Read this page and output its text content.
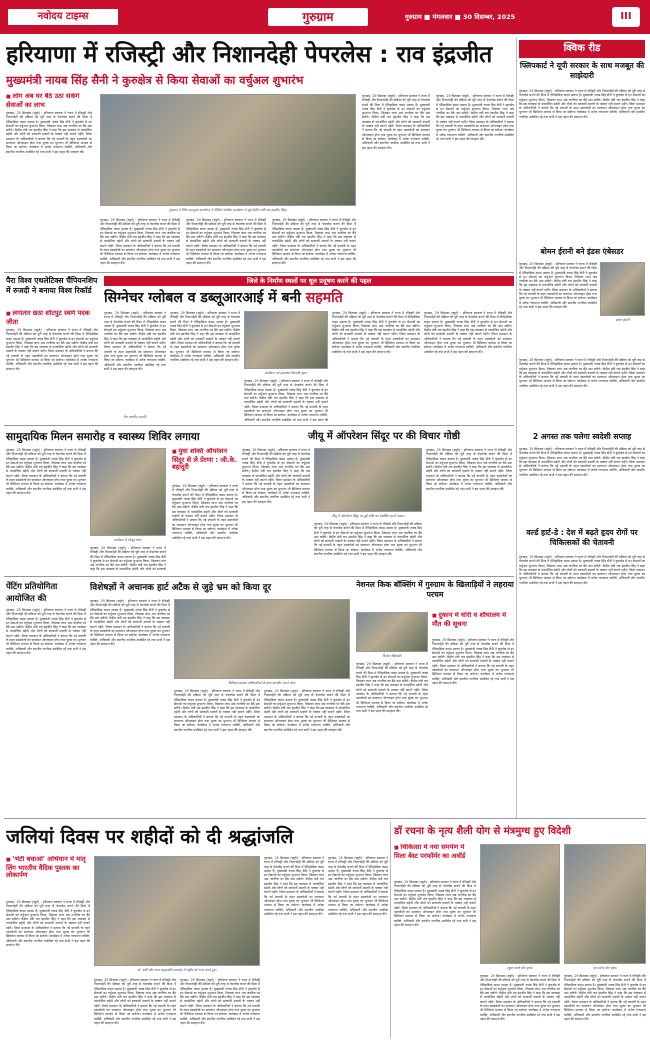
नवोदय टाइम्स	गुरुग्राम	गुरुग्राम ■ मंगलवार ■ 30 दिसम्बर, 2025	III
हरियाणा में रजिस्ट्री और निशानदेही पेपरलेस : राव इंद्रजीत
मुख्यमंत्री नायब सिंह सैनी ने कुरुक्षेत्र से किया सेवाओं का वर्चुअल शुभारंभ
■ लोग अब घर बैठे उठा सकेंगे सेवाओं का लाभ
गुरुग्राम, 29 सितम्बर (ब्यूरो) : हरियाणा सरकार ने राज्य में रजिस्ट्री और निशानदेही की प्रक्रिया को पूरी तरह से पेपरलेस बनाने की दिशा में ऐतिहासिक कदम उठाया है। मुख्यमंत्री नायब सिंह सैनी ने कुरुक्षेत्र से इन सेवाओं का वर्चुअल शुभारंभ किया, जिसका लाभ अब नागरिक घर बैठे उठा सकेंगे। केंद्रीय मंत्री राव इंद्रजीत सिंह ने कहा कि इस व्यवस्था से पारदर्शिता बढ़ेगी और लोगों को सरकारी दफ्तरों के चक्कर नहीं काटने पड़ेंगे। जिला प्रशासन के अधिकारियों ने बताया कि नई प्रणाली के तहत दस्तावेजों का सत्यापन ऑनलाइन होगा तथा शुल्क का भुगतान भी डिजिटल माध्यम से किया जा सकेगा। कार्यक्रम में अनेक गणमान्य व्यक्ति, अधिकारी और स्थानीय नागरिक उपस्थित रहे तथा सभी ने इस पहल की सराहना की।
गुरुग्राम में लिंक उपायुक्त कार्यालय में वीडियो कॉन्फ्रेंस कार्यक्रम में जुड़े केंद्रीय मंत्री राव इंद्रजीत सिंह।
गुरुग्राम, 29 सितम्बर (ब्यूरो) : हरियाणा सरकार ने राज्य में रजिस्ट्री और निशानदेही की प्रक्रिया को पूरी तरह से पेपरलेस बनाने की दिशा में ऐतिहासिक कदम उठाया है। मुख्यमंत्री नायब सिंह सैनी ने कुरुक्षेत्र से इन सेवाओं का वर्चुअल शुभारंभ किया, जिसका लाभ अब नागरिक घर बैठे उठा सकेंगे। केंद्रीय मंत्री राव इंद्रजीत सिंह ने कहा कि इस व्यवस्था से पारदर्शिता बढ़ेगी और लोगों को सरकारी दफ्तरों के चक्कर नहीं काटने पड़ेंगे। जिला प्रशासन के अधिकारियों ने बताया कि नई प्रणाली के तहत दस्तावेजों का सत्यापन ऑनलाइन होगा तथा शुल्क का भुगतान भी डिजिटल माध्यम से किया जा सकेगा। कार्यक्रम में अनेक गणमान्य व्यक्ति, अधिकारी और स्थानीय नागरिक उपस्थित रहे तथा सभी ने इस पहल की सराहना की।
गुरुग्राम, 29 सितम्बर (ब्यूरो) : हरियाणा सरकार ने राज्य में रजिस्ट्री और निशानदेही की प्रक्रिया को पूरी तरह से पेपरलेस बनाने की दिशा में ऐतिहासिक कदम उठाया है। मुख्यमंत्री नायब सिंह सैनी ने कुरुक्षेत्र से इन सेवाओं का वर्चुअल शुभारंभ किया, जिसका लाभ अब नागरिक घर बैठे उठा सकेंगे। केंद्रीय मंत्री राव इंद्रजीत सिंह ने कहा कि इस व्यवस्था से पारदर्शिता बढ़ेगी और लोगों को सरकारी दफ्तरों के चक्कर नहीं काटने पड़ेंगे। जिला प्रशासन के अधिकारियों ने बताया कि नई प्रणाली के तहत दस्तावेजों का सत्यापन ऑनलाइन होगा तथा शुल्क का भुगतान भी डिजिटल माध्यम से किया जा सकेगा। कार्यक्रम में अनेक गणमान्य व्यक्ति, अधिकारी और स्थानीय नागरिक उपस्थित रहे तथा सभी ने इस पहल की सराहना की।
गुरुग्राम, 29 सितम्बर (ब्यूरो) : हरियाणा सरकार ने राज्य में रजिस्ट्री और निशानदेही की प्रक्रिया को पूरी तरह से पेपरलेस बनाने की दिशा में ऐतिहासिक कदम उठाया है। मुख्यमंत्री नायब सिंह सैनी ने कुरुक्षेत्र से इन सेवाओं का वर्चुअल शुभारंभ किया, जिसका लाभ अब नागरिक घर बैठे उठा सकेंगे। केंद्रीय मंत्री राव इंद्रजीत सिंह ने कहा कि इस व्यवस्था से पारदर्शिता बढ़ेगी और लोगों को सरकारी दफ्तरों के चक्कर नहीं काटने पड़ेंगे। जिला प्रशासन के अधिकारियों ने बताया कि नई प्रणाली के तहत दस्तावेजों का सत्यापन ऑनलाइन होगा तथा शुल्क का भुगतान भी डिजिटल माध्यम से किया जा सकेगा। कार्यक्रम में अनेक गणमान्य व्यक्ति, अधिकारी और स्थानीय नागरिक उपस्थित रहे तथा सभी ने इस पहल की सराहना की।
गुरुग्राम, 29 सितम्बर (ब्यूरो) : हरियाणा सरकार ने राज्य में रजिस्ट्री और निशानदेही की प्रक्रिया को पूरी तरह से पेपरलेस बनाने की दिशा में ऐतिहासिक कदम उठाया है। मुख्यमंत्री नायब सिंह सैनी ने कुरुक्षेत्र से इन सेवाओं का वर्चुअल शुभारंभ किया, जिसका लाभ अब नागरिक घर बैठे उठा सकेंगे। केंद्रीय मंत्री राव इंद्रजीत सिंह ने कहा कि इस व्यवस्था से पारदर्शिता बढ़ेगी और लोगों को सरकारी दफ्तरों के चक्कर नहीं काटने पड़ेंगे। जिला प्रशासन के अधिकारियों ने बताया कि नई प्रणाली के तहत दस्तावेजों का सत्यापन ऑनलाइन होगा तथा शुल्क का भुगतान भी डिजिटल माध्यम से किया जा सकेगा। कार्यक्रम में अनेक गणमान्य व्यक्ति, अधिकारी और स्थानीय नागरिक उपस्थित रहे तथा सभी ने इस पहल की सराहना की।
गुरुग्राम, 29 सितम्बर (ब्यूरो) : हरियाणा सरकार ने राज्य में रजिस्ट्री और निशानदेही की प्रक्रिया को पूरी तरह से पेपरलेस बनाने की दिशा में ऐतिहासिक कदम उठाया है। मुख्यमंत्री नायब सिंह सैनी ने कुरुक्षेत्र से इन सेवाओं का वर्चुअल शुभारंभ किया, जिसका लाभ अब नागरिक घर बैठे उठा सकेंगे। केंद्रीय मंत्री राव इंद्रजीत सिंह ने कहा कि इस व्यवस्था से पारदर्शिता बढ़ेगी और लोगों को सरकारी दफ्तरों के चक्कर नहीं काटने पड़ेंगे। जिला प्रशासन के अधिकारियों ने बताया कि नई प्रणाली के तहत दस्तावेजों का सत्यापन ऑनलाइन होगा तथा शुल्क का भुगतान भी डिजिटल माध्यम से किया जा सकेगा। कार्यक्रम में अनेक गणमान्य व्यक्ति, अधिकारी और स्थानीय नागरिक उपस्थित रहे तथा सभी ने इस पहल की सराहना की।
क्विक रीड
फ्लिपकार्ट ने यूपी सरकार के साथ मजबूत की साझेदारी
गुरुग्राम, 29 सितम्बर (ब्यूरो) : हरियाणा सरकार ने राज्य में रजिस्ट्री और निशानदेही की प्रक्रिया को पूरी तरह से पेपरलेस बनाने की दिशा में ऐतिहासिक कदम उठाया है। मुख्यमंत्री नायब सिंह सैनी ने कुरुक्षेत्र से इन सेवाओं का वर्चुअल शुभारंभ किया, जिसका लाभ अब नागरिक घर बैठे उठा सकेंगे। केंद्रीय मंत्री राव इंद्रजीत सिंह ने कहा कि इस व्यवस्था से पारदर्शिता बढ़ेगी और लोगों को सरकारी दफ्तरों के चक्कर नहीं काटने पड़ेंगे। जिला प्रशासन के अधिकारियों ने बताया कि नई प्रणाली के तहत दस्तावेजों का सत्यापन ऑनलाइन होगा तथा शुल्क का भुगतान भी डिजिटल माध्यम से किया जा सकेगा। कार्यक्रम में अनेक गणमान्य व्यक्ति, अधिकारी और स्थानीय नागरिक उपस्थित रहे तथा सभी ने इस पहल की सराहना की।
बोमन ईरानी बने इंडस एंबेसडर
गुरुग्राम, 29 सितम्बर (ब्यूरो) : हरियाणा सरकार ने राज्य में रजिस्ट्री और निशानदेही की प्रक्रिया को पूरी तरह से पेपरलेस बनाने की दिशा में ऐतिहासिक कदम उठाया है। मुख्यमंत्री नायब सिंह सैनी ने कुरुक्षेत्र से इन सेवाओं का वर्चुअल शुभारंभ किया, जिसका लाभ अब नागरिक घर बैठे उठा सकेंगे। केंद्रीय मंत्री राव इंद्रजीत सिंह ने कहा कि इस व्यवस्था से पारदर्शिता बढ़ेगी और लोगों को सरकारी दफ्तरों के चक्कर नहीं काटने पड़ेंगे। जिला प्रशासन के अधिकारियों ने बताया कि नई प्रणाली के तहत दस्तावेजों का सत्यापन ऑनलाइन होगा तथा शुल्क का भुगतान भी डिजिटल माध्यम से किया जा सकेगा। कार्यक्रम में अनेक गणमान्य व्यक्ति, अधिकारी और स्थानीय नागरिक उपस्थित रहे तथा सभी ने इस पहल की सराहना की।
बोमन ईरानी
गुरुग्राम, 29 सितम्बर (ब्यूरो) : हरियाणा सरकार ने राज्य में रजिस्ट्री और निशानदेही की प्रक्रिया को पूरी तरह से पेपरलेस बनाने की दिशा में ऐतिहासिक कदम उठाया है। मुख्यमंत्री नायब सिंह सैनी ने कुरुक्षेत्र से इन सेवाओं का वर्चुअल शुभारंभ किया, जिसका लाभ अब नागरिक घर बैठे उठा सकेंगे। केंद्रीय मंत्री राव इंद्रजीत सिंह ने कहा कि इस व्यवस्था से पारदर्शिता बढ़ेगी और लोगों को सरकारी दफ्तरों के चक्कर नहीं काटने पड़ेंगे। जिला प्रशासन के अधिकारियों ने बताया कि नई प्रणाली के तहत दस्तावेजों का सत्यापन ऑनलाइन होगा तथा शुल्क का भुगतान भी डिजिटल माध्यम से किया जा सकेगा। कार्यक्रम में अनेक गणमान्य व्यक्ति, अधिकारी और स्थानीय नागरिक उपस्थित रहे तथा सभी ने इस पहल की सराहना की।
2 अगस्त तक चलेगा स्वदेशी सप्ताह
गुरुग्राम, 29 सितम्बर (ब्यूरो) : हरियाणा सरकार ने राज्य में रजिस्ट्री और निशानदेही की प्रक्रिया को पूरी तरह से पेपरलेस बनाने की दिशा में ऐतिहासिक कदम उठाया है। मुख्यमंत्री नायब सिंह सैनी ने कुरुक्षेत्र से इन सेवाओं का वर्चुअल शुभारंभ किया, जिसका लाभ अब नागरिक घर बैठे उठा सकेंगे। केंद्रीय मंत्री राव इंद्रजीत सिंह ने कहा कि इस व्यवस्था से पारदर्शिता बढ़ेगी और लोगों को सरकारी दफ्तरों के चक्कर नहीं काटने पड़ेंगे। जिला प्रशासन के अधिकारियों ने बताया कि नई प्रणाली के तहत दस्तावेजों का सत्यापन ऑनलाइन होगा तथा शुल्क का भुगतान भी डिजिटल माध्यम से किया जा सकेगा। कार्यक्रम में अनेक गणमान्य व्यक्ति, अधिकारी और स्थानीय नागरिक उपस्थित रहे तथा सभी ने इस पहल की सराहना की।
वर्ल्ड हार्ट-डे : देश में बढ़ते हृदय रोगों पर चिकित्सकों की चेतावनी
गुरुग्राम, 29 सितम्बर (ब्यूरो) : हरियाणा सरकार ने राज्य में रजिस्ट्री और निशानदेही की प्रक्रिया को पूरी तरह से पेपरलेस बनाने की दिशा में ऐतिहासिक कदम उठाया है। मुख्यमंत्री नायब सिंह सैनी ने कुरुक्षेत्र से इन सेवाओं का वर्चुअल शुभारंभ किया, जिसका लाभ अब नागरिक घर बैठे उठा सकेंगे। केंद्रीय मंत्री राव इंद्रजीत सिंह ने कहा कि इस व्यवस्था से पारदर्शिता बढ़ेगी और लोगों को सरकारी दफ्तरों के चक्कर नहीं काटने पड़ेंगे। जिला प्रशासन के अधिकारियों ने बताया कि नई प्रणाली के तहत दस्तावेजों का सत्यापन ऑनलाइन होगा तथा शुल्क का भुगतान भी डिजिटल माध्यम से किया जा सकेगा। कार्यक्रम में अनेक गणमान्य व्यक्ति, अधिकारी और स्थानीय नागरिक उपस्थित रहे तथा सभी ने इस पहल की सराहना की।
पैरा विश्व एथलेटिक्स चैंपियनशिप में रुजदी ने बनाया विश्व रिकॉर्ड
■ लगातार छठा शॉटपुट स्वर्ण पदक जीता
गुरुग्राम, 29 सितम्बर (ब्यूरो) : हरियाणा सरकार ने राज्य में रजिस्ट्री और निशानदेही की प्रक्रिया को पूरी तरह से पेपरलेस बनाने की दिशा में ऐतिहासिक कदम उठाया है। मुख्यमंत्री नायब सिंह सैनी ने कुरुक्षेत्र से इन सेवाओं का वर्चुअल शुभारंभ किया, जिसका लाभ अब नागरिक घर बैठे उठा सकेंगे। केंद्रीय मंत्री राव इंद्रजीत सिंह ने कहा कि इस व्यवस्था से पारदर्शिता बढ़ेगी और लोगों को सरकारी दफ्तरों के चक्कर नहीं काटने पड़ेंगे। जिला प्रशासन के अधिकारियों ने बताया कि नई प्रणाली के तहत दस्तावेजों का सत्यापन ऑनलाइन होगा तथा शुल्क का भुगतान भी डिजिटल माध्यम से किया जा सकेगा। कार्यक्रम में अनेक गणमान्य व्यक्ति, अधिकारी और स्थानीय नागरिक उपस्थित रहे तथा सभी ने इस पहल की सराहना की।
जिले के निर्माण स्थलों पर धूल प्रदूषण करने की पहल
सिग्नेचर ग्लोबल व डब्लूआरआई में बनी सहमति
गुरुग्राम, 29 सितम्बर (ब्यूरो) : हरियाणा सरकार ने राज्य में रजिस्ट्री और निशानदेही की प्रक्रिया को पूरी तरह से पेपरलेस बनाने की दिशा में ऐतिहासिक कदम उठाया है। मुख्यमंत्री नायब सिंह सैनी ने कुरुक्षेत्र से इन सेवाओं का वर्चुअल शुभारंभ किया, जिसका लाभ अब नागरिक घर बैठे उठा सकेंगे। केंद्रीय मंत्री राव इंद्रजीत सिंह ने कहा कि इस व्यवस्था से पारदर्शिता बढ़ेगी और लोगों को सरकारी दफ्तरों के चक्कर नहीं काटने पड़ेंगे। जिला प्रशासन के अधिकारियों ने बताया कि नई प्रणाली के तहत दस्तावेजों का सत्यापन ऑनलाइन होगा तथा शुल्क का भुगतान भी डिजिटल माध्यम से किया जा सकेगा। कार्यक्रम में अनेक गणमान्य व्यक्ति, अधिकारी और स्थानीय नागरिक उपस्थित रहे तथा सभी ने इस पहल की सराहना की।
गुरुग्राम, 29 सितम्बर (ब्यूरो) : हरियाणा सरकार ने राज्य में रजिस्ट्री और निशानदेही की प्रक्रिया को पूरी तरह से पेपरलेस बनाने की दिशा में ऐतिहासिक कदम उठाया है। मुख्यमंत्री नायब सिंह सैनी ने कुरुक्षेत्र से इन सेवाओं का वर्चुअल शुभारंभ किया, जिसका लाभ अब नागरिक घर बैठे उठा सकेंगे। केंद्रीय मंत्री राव इंद्रजीत सिंह ने कहा कि इस व्यवस्था से पारदर्शिता बढ़ेगी और लोगों को सरकारी दफ्तरों के चक्कर नहीं काटने पड़ेंगे। जिला प्रशासन के अधिकारियों ने बताया कि नई प्रणाली के तहत दस्तावेजों का सत्यापन ऑनलाइन होगा तथा शुल्क का भुगतान भी डिजिटल माध्यम से किया जा सकेगा। कार्यक्रम में अनेक गणमान्य व्यक्ति, अधिकारी और स्थानीय नागरिक उपस्थित रहे तथा सभी ने इस पहल की सराहना की।
कार्यक्रम एवं हस्ताक्षर विवरणी दृश्य।
गुरुग्राम, 29 सितम्बर (ब्यूरो) : हरियाणा सरकार ने राज्य में रजिस्ट्री और निशानदेही की प्रक्रिया को पूरी तरह से पेपरलेस बनाने की दिशा में ऐतिहासिक कदम उठाया है। मुख्यमंत्री नायब सिंह सैनी ने कुरुक्षेत्र से इन सेवाओं का वर्चुअल शुभारंभ किया, जिसका लाभ अब नागरिक घर बैठे उठा सकेंगे। केंद्रीय मंत्री राव इंद्रजीत सिंह ने कहा कि इस व्यवस्था से पारदर्शिता बढ़ेगी और लोगों को सरकारी दफ्तरों के चक्कर नहीं काटने पड़ेंगे। जिला प्रशासन के अधिकारियों ने बताया कि नई प्रणाली के तहत दस्तावेजों का सत्यापन ऑनलाइन होगा तथा शुल्क का भुगतान भी डिजिटल माध्यम से किया जा सकेगा। कार्यक्रम में अनेक गणमान्य व्यक्ति, अधिकारी और स्थानीय नागरिक उपस्थित रहे तथा सभी ने इस पहल की
गुरुग्राम, 29 सितम्बर (ब्यूरो) : हरियाणा सरकार ने राज्य में रजिस्ट्री और निशानदेही की प्रक्रिया को पूरी तरह से पेपरलेस बनाने की दिशा में ऐतिहासिक कदम उठाया है। मुख्यमंत्री नायब सिंह सैनी ने कुरुक्षेत्र से इन सेवाओं का वर्चुअल शुभारंभ किया, जिसका लाभ अब नागरिक घर बैठे उठा सकेंगे। केंद्रीय मंत्री राव इंद्रजीत सिंह ने कहा कि इस व्यवस्था से पारदर्शिता बढ़ेगी और लोगों को सरकारी दफ्तरों के चक्कर नहीं काटने पड़ेंगे। जिला प्रशासन के अधिकारियों ने बताया कि नई प्रणाली के तहत दस्तावेजों का सत्यापन ऑनलाइन होगा तथा शुल्क का भुगतान भी डिजिटल माध्यम से किया जा सकेगा। कार्यक्रम में अनेक गणमान्य व्यक्ति, अधिकारी और स्थानीय नागरिक उपस्थित रहे तथा सभी ने इस पहल की सराहना की।
गुरुग्राम, 29 सितम्बर (ब्यूरो) : हरियाणा सरकार ने राज्य में रजिस्ट्री और निशानदेही की प्रक्रिया को पूरी तरह से पेपरलेस बनाने की दिशा में ऐतिहासिक कदम उठाया है। मुख्यमंत्री नायब सिंह सैनी ने कुरुक्षेत्र से इन सेवाओं का वर्चुअल शुभारंभ किया, जिसका लाभ अब नागरिक घर बैठे उठा सकेंगे। केंद्रीय मंत्री राव इंद्रजीत सिंह ने कहा कि इस व्यवस्था से पारदर्शिता बढ़ेगी और लोगों को सरकारी दफ्तरों के चक्कर नहीं काटने पड़ेंगे। जिला प्रशासन के अधिकारियों ने बताया कि नई प्रणाली के तहत दस्तावेजों का सत्यापन ऑनलाइन होगा तथा शुल्क का भुगतान भी डिजिटल माध्यम से किया जा सकेगा। कार्यक्रम में अनेक गणमान्य व्यक्ति, अधिकारी और स्थानीय नागरिक उपस्थित रहे तथा सभी ने इस पहल की सराहना की।
पैरा एथलीट रुजदी।
सामुदायिक मिलन समारोह व स्वास्थ्य शिविर लगाया
गुरुग्राम, 29 सितम्बर (ब्यूरो) : हरियाणा सरकार ने राज्य में रजिस्ट्री और निशानदेही की प्रक्रिया को पूरी तरह से पेपरलेस बनाने की दिशा में ऐतिहासिक कदम उठाया है। मुख्यमंत्री नायब सिंह सैनी ने कुरुक्षेत्र से इन सेवाओं का वर्चुअल शुभारंभ किया, जिसका लाभ अब नागरिक घर बैठे उठा सकेंगे। केंद्रीय मंत्री राव इंद्रजीत सिंह ने कहा कि इस व्यवस्था से पारदर्शिता बढ़ेगी और लोगों को सरकारी दफ्तरों के चक्कर नहीं काटने पड़ेंगे। जिला प्रशासन के अधिकारियों ने बताया कि नई प्रणाली के तहत दस्तावेजों का सत्यापन ऑनलाइन होगा तथा शुल्क का भुगतान भी डिजिटल माध्यम से किया जा सकेगा। कार्यक्रम में अनेक गणमान्य व्यक्ति, अधिकारी और स्थानीय नागरिक उपस्थित रहे तथा सभी ने इस पहल की सराहना की।
कार्यक्रम में मौजूद लोग।
गुरुग्राम, 29 सितम्बर (ब्यूरो) : हरियाणा सरकार ने राज्य में रजिस्ट्री और निशानदेही की प्रक्रिया को पूरी तरह से पेपरलेस बनाने की दिशा में ऐतिहासिक कदम उठाया है। मुख्यमंत्री नायब सिंह सैनी ने कुरुक्षेत्र से इन सेवाओं का वर्चुअल शुभारंभ किया, जिसका लाभ अब नागरिक घर बैठे उठा सकेंगे। केंद्रीय मंत्री राव इंद्रजीत सिंह ने कहा कि इस व्यवस्था से पारदर्शिता बढ़ेगी और लोगों को सरकारी
जीयू में ऑपरेशन सिंदूर पर की विचार गोष्ठी
■ युवा शक्ति ऑपरेशन सिंदूर से ले प्रेरणा : जी.के. बहादुरी
गुरुग्राम, 29 सितम्बर (ब्यूरो) : हरियाणा सरकार ने राज्य में रजिस्ट्री और निशानदेही की प्रक्रिया को पूरी तरह से पेपरलेस बनाने की दिशा में ऐतिहासिक कदम उठाया है। मुख्यमंत्री नायब सिंह सैनी ने कुरुक्षेत्र से इन सेवाओं का वर्चुअल शुभारंभ किया, जिसका लाभ अब नागरिक घर बैठे उठा सकेंगे। केंद्रीय मंत्री राव इंद्रजीत सिंह ने कहा कि इस व्यवस्था से पारदर्शिता बढ़ेगी और लोगों को सरकारी दफ्तरों के चक्कर नहीं काटने पड़ेंगे। जिला प्रशासन के अधिकारियों ने बताया कि नई प्रणाली के तहत दस्तावेजों का सत्यापन ऑनलाइन होगा तथा शुल्क का भुगतान भी डिजिटल माध्यम से किया जा सकेगा। कार्यक्रम में अनेक गणमान्य व्यक्ति, अधिकारी और स्थानीय नागरिक उपस्थित रहे तथा सभी ने इस पहल की सराहना की।
गुरुग्राम, 29 सितम्बर (ब्यूरो) : हरियाणा सरकार ने राज्य में रजिस्ट्री और निशानदेही की प्रक्रिया को पूरी तरह से पेपरलेस बनाने की दिशा में ऐतिहासिक कदम उठाया है। मुख्यमंत्री नायब सिंह सैनी ने कुरुक्षेत्र से इन सेवाओं का वर्चुअल शुभारंभ किया, जिसका लाभ अब नागरिक घर बैठे उठा सकेंगे। केंद्रीय मंत्री राव इंद्रजीत सिंह ने कहा कि इस व्यवस्था से पारदर्शिता बढ़ेगी और लोगों को सरकारी दफ्तरों के चक्कर नहीं काटने पड़ेंगे। जिला प्रशासन के अधिकारियों ने बताया कि नई प्रणाली के तहत दस्तावेजों का सत्यापन ऑनलाइन होगा तथा शुल्क का भुगतान भी डिजिटल माध्यम से किया जा सकेगा। कार्यक्रम में अनेक गणमान्य व्यक्ति, अधिकारी और स्थानीय नागरिक उपस्थित रहे तथा सभी ने इस पहल की सराहना की।
जीयू में ऑपरेशन सिंदूर पर हुई गोष्ठी को संबोधित करते वक्ता।
गुरुग्राम, 29 सितम्बर (ब्यूरो) : हरियाणा सरकार ने राज्य में रजिस्ट्री और निशानदेही की प्रक्रिया को पूरी तरह से पेपरलेस बनाने की दिशा में ऐतिहासिक कदम उठाया है। मुख्यमंत्री नायब सिंह सैनी ने कुरुक्षेत्र से इन सेवाओं का वर्चुअल शुभारंभ किया, जिसका लाभ अब नागरिक घर बैठे उठा सकेंगे। केंद्रीय मंत्री राव इंद्रजीत सिंह ने कहा कि इस व्यवस्था से पारदर्शिता बढ़ेगी और लोगों को सरकारी दफ्तरों के चक्कर नहीं काटने पड़ेंगे। जिला प्रशासन के अधिकारियों ने बताया कि नई प्रणाली के तहत दस्तावेजों का सत्यापन ऑनलाइन होगा तथा शुल्क का भुगतान भी डिजिटल माध्यम से किया जा सकेगा। कार्यक्रम में अनेक गणमान्य व्यक्ति, अधिकारी और स्थानीय नागरिक उपस्थित रहे तथा सभी ने इस पहल की सराहना की।
गुरुग्राम, 29 सितम्बर (ब्यूरो) : हरियाणा सरकार ने राज्य में रजिस्ट्री और निशानदेही की प्रक्रिया को पूरी तरह से पेपरलेस बनाने की दिशा में ऐतिहासिक कदम उठाया है। मुख्यमंत्री नायब सिंह सैनी ने कुरुक्षेत्र से इन सेवाओं का वर्चुअल शुभारंभ किया, जिसका लाभ अब नागरिक घर बैठे उठा सकेंगे। केंद्रीय मंत्री राव इंद्रजीत सिंह ने कहा कि इस व्यवस्था से पारदर्शिता बढ़ेगी और लोगों को सरकारी दफ्तरों के चक्कर नहीं काटने पड़ेंगे। जिला प्रशासन के अधिकारियों ने बताया कि नई प्रणाली के तहत दस्तावेजों का सत्यापन ऑनलाइन होगा तथा शुल्क का भुगतान भी डिजिटल माध्यम से किया जा सकेगा। कार्यक्रम में अनेक गणमान्य व्यक्ति, अधिकारी और स्थानीय नागरिक उपस्थित रहे तथा सभी ने इस पहल की सराहना की।
पेंटिंग प्रतियोगिता आयोजित की
गुरुग्राम, 29 सितम्बर (ब्यूरो) : हरियाणा सरकार ने राज्य में रजिस्ट्री और निशानदेही की प्रक्रिया को पूरी तरह से पेपरलेस बनाने की दिशा में ऐतिहासिक कदम उठाया है। मुख्यमंत्री नायब सिंह सैनी ने कुरुक्षेत्र से इन सेवाओं का वर्चुअल शुभारंभ किया, जिसका लाभ अब नागरिक घर बैठे उठा सकेंगे। केंद्रीय मंत्री राव इंद्रजीत सिंह ने कहा कि इस व्यवस्था से पारदर्शिता बढ़ेगी और लोगों को सरकारी दफ्तरों के चक्कर नहीं काटने पड़ेंगे। जिला प्रशासन के अधिकारियों ने बताया कि नई प्रणाली के तहत दस्तावेजों का सत्यापन ऑनलाइन होगा तथा शुल्क का भुगतान भी डिजिटल माध्यम से किया जा सकेगा। कार्यक्रम में अनेक गणमान्य व्यक्ति, अधिकारी और स्थानीय नागरिक उपस्थित रहे तथा सभी ने इस पहल की सराहना की।
विशेषज्ञों ने अचानक हार्ट अटैक से जुड़े भ्रम को किया दूर
गुरुग्राम, 29 सितम्बर (ब्यूरो) : हरियाणा सरकार ने राज्य में रजिस्ट्री और निशानदेही की प्रक्रिया को पूरी तरह से पेपरलेस बनाने की दिशा में ऐतिहासिक कदम उठाया है। मुख्यमंत्री नायब सिंह सैनी ने कुरुक्षेत्र से इन सेवाओं का वर्चुअल शुभारंभ किया, जिसका लाभ अब नागरिक घर बैठे उठा सकेंगे। केंद्रीय मंत्री राव इंद्रजीत सिंह ने कहा कि इस व्यवस्था से पारदर्शिता बढ़ेगी और लोगों को सरकारी दफ्तरों के चक्कर नहीं काटने पड़ेंगे। जिला प्रशासन के अधिकारियों ने बताया कि नई प्रणाली के तहत दस्तावेजों का सत्यापन ऑनलाइन होगा तथा शुल्क का भुगतान भी डिजिटल माध्यम से किया जा सकेगा। कार्यक्रम में अनेक गणमान्य व्यक्ति, अधिकारी और स्थानीय नागरिक उपस्थित रहे तथा सभी ने इस पहल की सराहना की।
विशेषज्ञ स्वास्थ्य अधिकारियों के साथ बातचीत करते लोग।
गुरुग्राम, 29 सितम्बर (ब्यूरो) : हरियाणा सरकार ने राज्य में रजिस्ट्री और निशानदेही की प्रक्रिया को पूरी तरह से पेपरलेस बनाने की दिशा में ऐतिहासिक कदम उठाया है। मुख्यमंत्री नायब सिंह सैनी ने कुरुक्षेत्र से इन सेवाओं का वर्चुअल शुभारंभ किया, जिसका लाभ अब नागरिक घर बैठे उठा सकेंगे। केंद्रीय मंत्री राव इंद्रजीत सिंह ने कहा कि इस व्यवस्था से पारदर्शिता बढ़ेगी और लोगों को सरकारी दफ्तरों के चक्कर नहीं काटने पड़ेंगे। जिला प्रशासन के अधिकारियों ने बताया कि नई प्रणाली के तहत दस्तावेजों का सत्यापन ऑनलाइन होगा तथा शुल्क का भुगतान भी डिजिटल माध्यम से किया जा सकेगा। कार्यक्रम में अनेक गणमान्य व्यक्ति, अधिकारी और स्थानीय नागरिक उपस्थित रहे तथा सभी ने इस पहल की सराहना की।
गुरुग्राम, 29 सितम्बर (ब्यूरो) : हरियाणा सरकार ने राज्य में रजिस्ट्री और निशानदेही की प्रक्रिया को पूरी तरह से पेपरलेस बनाने की दिशा में ऐतिहासिक कदम उठाया है। मुख्यमंत्री नायब सिंह सैनी ने कुरुक्षेत्र से इन सेवाओं का वर्चुअल शुभारंभ किया, जिसका लाभ अब नागरिक घर बैठे उठा सकेंगे। केंद्रीय मंत्री राव इंद्रजीत सिंह ने कहा कि इस व्यवस्था से पारदर्शिता बढ़ेगी और लोगों को सरकारी दफ्तरों के चक्कर नहीं काटने पड़ेंगे। जिला प्रशासन के अधिकारियों ने बताया कि नई प्रणाली के तहत दस्तावेजों का सत्यापन ऑनलाइन होगा तथा शुल्क का भुगतान भी डिजिटल माध्यम से किया जा सकेगा। कार्यक्रम में अनेक गणमान्य व्यक्ति, अधिकारी और स्थानीय नागरिक उपस्थित रहे तथा सभी ने इस पहल की सराहना की।
नेशनल किक बॉक्सिंग में गुरुग्राम के खिलाड़ियों ने लहराया परचम
विजेता खिलाड़ी।
■ दुकान में चोरी व शौचालय में मौत की सूचना
गुरुग्राम, 29 सितम्बर (ब्यूरो) : हरियाणा सरकार ने राज्य में रजिस्ट्री और निशानदेही की प्रक्रिया को पूरी तरह से पेपरलेस बनाने की दिशा में ऐतिहासिक कदम उठाया है। मुख्यमंत्री नायब सिंह सैनी ने कुरुक्षेत्र से इन सेवाओं का वर्चुअल शुभारंभ किया, जिसका लाभ अब नागरिक घर बैठे उठा सकेंगे। केंद्रीय मंत्री राव इंद्रजीत सिंह ने कहा कि इस व्यवस्था से पारदर्शिता बढ़ेगी और लोगों को सरकारी दफ्तरों के चक्कर नहीं काटने पड़ेंगे। जिला प्रशासन के अधिकारियों ने बताया कि नई प्रणाली के तहत दस्तावेजों का सत्यापन ऑनलाइन होगा तथा शुल्क का भुगतान भी डिजिटल माध्यम से किया जा सकेगा। कार्यक्रम में अनेक गणमान्य व्यक्ति, अधिकारी और स्थानीय नागरिक उपस्थित रहे तथा सभी ने इस पहल की सराहना की।
गुरुग्राम, 29 सितम्बर (ब्यूरो) : हरियाणा सरकार ने राज्य में रजिस्ट्री और निशानदेही की प्रक्रिया को पूरी तरह से पेपरलेस बनाने की दिशा में ऐतिहासिक कदम उठाया है। मुख्यमंत्री नायब सिंह सैनी ने कुरुक्षेत्र से इन सेवाओं का वर्चुअल शुभारंभ किया, जिसका लाभ अब नागरिक घर बैठे उठा सकेंगे। केंद्रीय मंत्री राव इंद्रजीत सिंह ने कहा कि इस व्यवस्था से पारदर्शिता बढ़ेगी और लोगों को सरकारी दफ्तरों के चक्कर नहीं काटने पड़ेंगे। जिला प्रशासन के अधिकारियों ने बताया कि नई प्रणाली के तहत दस्तावेजों का सत्यापन ऑनलाइन होगा तथा शुल्क का भुगतान भी डिजिटल माध्यम से किया जा सकेगा। कार्यक्रम में अनेक गणमान्य व्यक्ति, अधिकारी और स्थानीय नागरिक उपस्थित रहे तथा सभी ने इस पहल की सराहना की।
जलियां दिवस पर शहीदों को दी श्रद्धांजलि
■ 'भेटी बचाओ' अभियान में मातृ लिंग भारतीय वैदिक पुस्तक का लोकार्पण
गुरुग्राम, 29 सितम्बर (ब्यूरो) : हरियाणा सरकार ने राज्य में रजिस्ट्री और निशानदेही की प्रक्रिया को पूरी तरह से पेपरलेस बनाने की दिशा में ऐतिहासिक कदम उठाया है। मुख्यमंत्री नायब सिंह सैनी ने कुरुक्षेत्र से इन सेवाओं का वर्चुअल शुभारंभ किया, जिसका लाभ अब नागरिक घर बैठे उठा सकेंगे। केंद्रीय मंत्री राव इंद्रजीत सिंह ने कहा कि इस व्यवस्था से पारदर्शिता बढ़ेगी और लोगों को सरकारी दफ्तरों के चक्कर नहीं काटने पड़ेंगे। जिला प्रशासन के अधिकारियों ने बताया कि नई प्रणाली के तहत दस्तावेजों का सत्यापन ऑनलाइन होगा तथा शुल्क का भुगतान भी डिजिटल माध्यम से किया जा सकेगा। कार्यक्रम में अनेक गणमान्य व्यक्ति, अधिकारी और स्थानीय नागरिक उपस्थित रहे तथा सभी ने इस पहल की सराहना की।
डॉ. अंधी और अन्य श्रद्धांजलि समारोह में शहीद को नमन करते हुए।
गुरुग्राम, 29 सितम्बर (ब्यूरो) : हरियाणा सरकार ने राज्य में रजिस्ट्री और निशानदेही की प्रक्रिया को पूरी तरह से पेपरलेस बनाने की दिशा में ऐतिहासिक कदम उठाया है। मुख्यमंत्री नायब सिंह सैनी ने कुरुक्षेत्र से इन सेवाओं का वर्चुअल शुभारंभ किया, जिसका लाभ अब नागरिक घर बैठे उठा सकेंगे। केंद्रीय मंत्री राव इंद्रजीत सिंह ने कहा कि इस व्यवस्था से पारदर्शिता बढ़ेगी और लोगों को सरकारी दफ्तरों के चक्कर नहीं काटने पड़ेंगे। जिला प्रशासन के अधिकारियों ने बताया कि नई प्रणाली के तहत दस्तावेजों का सत्यापन ऑनलाइन होगा तथा शुल्क का भुगतान भी डिजिटल माध्यम से किया जा सकेगा। कार्यक्रम में अनेक गणमान्य व्यक्ति, अधिकारी और स्थानीय नागरिक उपस्थित रहे तथा सभी ने इस पहल की सराहना की।
गुरुग्राम, 29 सितम्बर (ब्यूरो) : हरियाणा सरकार ने राज्य में रजिस्ट्री और निशानदेही की प्रक्रिया को पूरी तरह से पेपरलेस बनाने की दिशा में ऐतिहासिक कदम उठाया है। मुख्यमंत्री नायब सिंह सैनी ने कुरुक्षेत्र से इन सेवाओं का वर्चुअल शुभारंभ किया, जिसका लाभ अब नागरिक घर बैठे उठा सकेंगे। केंद्रीय मंत्री राव इंद्रजीत सिंह ने कहा कि इस व्यवस्था से पारदर्शिता बढ़ेगी और लोगों को सरकारी दफ्तरों के चक्कर नहीं काटने पड़ेंगे। जिला प्रशासन के अधिकारियों ने बताया कि नई प्रणाली के तहत दस्तावेजों का सत्यापन ऑनलाइन होगा तथा शुल्क का भुगतान भी डिजिटल माध्यम से किया जा सकेगा। कार्यक्रम में अनेक गणमान्य व्यक्ति, अधिकारी और स्थानीय नागरिक उपस्थित रहे तथा सभी ने इस पहल की सराहना की।
गुरुग्राम, 29 सितम्बर (ब्यूरो) : हरियाणा सरकार ने राज्य में रजिस्ट्री और निशानदेही की प्रक्रिया को पूरी तरह से पेपरलेस बनाने की दिशा में ऐतिहासिक कदम उठाया है। मुख्यमंत्री नायब सिंह सैनी ने कुरुक्षेत्र से इन सेवाओं का वर्चुअल शुभारंभ किया, जिसका लाभ अब नागरिक घर बैठे उठा सकेंगे। केंद्रीय मंत्री राव इंद्रजीत सिंह ने कहा कि इस व्यवस्था से पारदर्शिता बढ़ेगी और लोगों को सरकारी दफ्तरों के चक्कर नहीं काटने पड़ेंगे। जिला प्रशासन के अधिकारियों ने बताया कि नई प्रणाली के तहत दस्तावेजों का सत्यापन ऑनलाइन होगा तथा शुल्क का भुगतान भी डिजिटल माध्यम से किया जा सकेगा। कार्यक्रम में अनेक गणमान्य व्यक्ति, अधिकारी और स्थानीय नागरिक उपस्थित रहे तथा सभी ने इस पहल की सराहना की।
गुरुग्राम, 29 सितम्बर (ब्यूरो) : हरियाणा सरकार ने राज्य में रजिस्ट्री और निशानदेही की प्रक्रिया को पूरी तरह से पेपरलेस बनाने की दिशा में ऐतिहासिक कदम उठाया है। मुख्यमंत्री नायब सिंह सैनी ने कुरुक्षेत्र से इन सेवाओं का वर्चुअल शुभारंभ किया, जिसका लाभ अब नागरिक घर बैठे उठा सकेंगे। केंद्रीय मंत्री राव इंद्रजीत सिंह ने कहा कि इस व्यवस्था से पारदर्शिता बढ़ेगी और लोगों को सरकारी दफ्तरों के चक्कर नहीं काटने पड़ेंगे। जिला प्रशासन के अधिकारियों ने बताया कि नई प्रणाली के तहत दस्तावेजों का सत्यापन ऑनलाइन होगा तथा शुल्क का भुगतान भी डिजिटल माध्यम से किया जा सकेगा। कार्यक्रम में अनेक गणमान्य व्यक्ति, अधिकारी और स्थानीय नागरिक उपस्थित रहे तथा सभी ने इस पहल की सराहना की।
डॉ रचना के नृत्य शैली योग से मंत्रमुग्ध हुए विदेशी
■ चिकित्सा में नया समर्पण में मिला बेस्ट परफॉर्मर का अवॉर्ड
गुरुग्राम, 29 सितम्बर (ब्यूरो) : हरियाणा सरकार ने राज्य में रजिस्ट्री और निशानदेही की प्रक्रिया को पूरी तरह से पेपरलेस बनाने की दिशा में ऐतिहासिक कदम उठाया है। मुख्यमंत्री नायब सिंह सैनी ने कुरुक्षेत्र से इन सेवाओं का वर्चुअल शुभारंभ किया, जिसका लाभ अब नागरिक घर बैठे उठा सकेंगे। केंद्रीय मंत्री राव इंद्रजीत सिंह ने कहा कि इस व्यवस्था से पारदर्शिता बढ़ेगी और लोगों को सरकारी दफ्तरों के चक्कर नहीं काटने पड़ेंगे। जिला प्रशासन के अधिकारियों ने बताया कि नई प्रणाली के तहत दस्तावेजों का सत्यापन ऑनलाइन होगा तथा शुल्क का भुगतान भी डिजिटल माध्यम से किया जा सकेगा। कार्यक्रम में अनेक गणमान्य व्यक्ति, अधिकारी और स्थानीय नागरिक उपस्थित रहे तथा सभी ने इस पहल की सराहना की।
स्कूल स्वर्ण योग दृश्य।	नृत्य स्टेज योग दृश्य।
गुरुग्राम, 29 सितम्बर (ब्यूरो) : हरियाणा सरकार ने राज्य में रजिस्ट्री और निशानदेही की प्रक्रिया को पूरी तरह से पेपरलेस बनाने की दिशा में ऐतिहासिक कदम उठाया है। मुख्यमंत्री नायब सिंह सैनी ने कुरुक्षेत्र से इन सेवाओं का वर्चुअल शुभारंभ किया, जिसका लाभ अब नागरिक घर बैठे उठा सकेंगे। केंद्रीय मंत्री राव इंद्रजीत सिंह ने कहा कि इस व्यवस्था से पारदर्शिता बढ़ेगी और लोगों को सरकारी दफ्तरों के चक्कर नहीं काटने पड़ेंगे। जिला प्रशासन के अधिकारियों ने बताया कि नई प्रणाली के तहत दस्तावेजों का सत्यापन ऑनलाइन होगा तथा शुल्क का भुगतान भी डिजिटल माध्यम से किया जा सकेगा। कार्यक्रम में अनेक गणमान्य व्यक्ति, अधिकारी और स्थानीय नागरिक उपस्थित रहे तथा सभी ने इस पहल की सराहना की।
गुरुग्राम, 29 सितम्बर (ब्यूरो) : हरियाणा सरकार ने राज्य में रजिस्ट्री और निशानदेही की प्रक्रिया को पूरी तरह से पेपरलेस बनाने की दिशा में ऐतिहासिक कदम उठाया है। मुख्यमंत्री नायब सिंह सैनी ने कुरुक्षेत्र से इन सेवाओं का वर्चुअल शुभारंभ किया, जिसका लाभ अब नागरिक घर बैठे उठा सकेंगे। केंद्रीय मंत्री राव इंद्रजीत सिंह ने कहा कि इस व्यवस्था से पारदर्शिता बढ़ेगी और लोगों को सरकारी दफ्तरों के चक्कर नहीं काटने पड़ेंगे। जिला प्रशासन के अधिकारियों ने बताया कि नई प्रणाली के तहत दस्तावेजों का सत्यापन ऑनलाइन होगा तथा शुल्क का भुगतान भी डिजिटल माध्यम से किया जा सकेगा। कार्यक्रम में अनेक गणमान्य व्यक्ति, अधिकारी और स्थानीय नागरिक उपस्थित रहे तथा सभी ने इस पहल की सराहना की।
